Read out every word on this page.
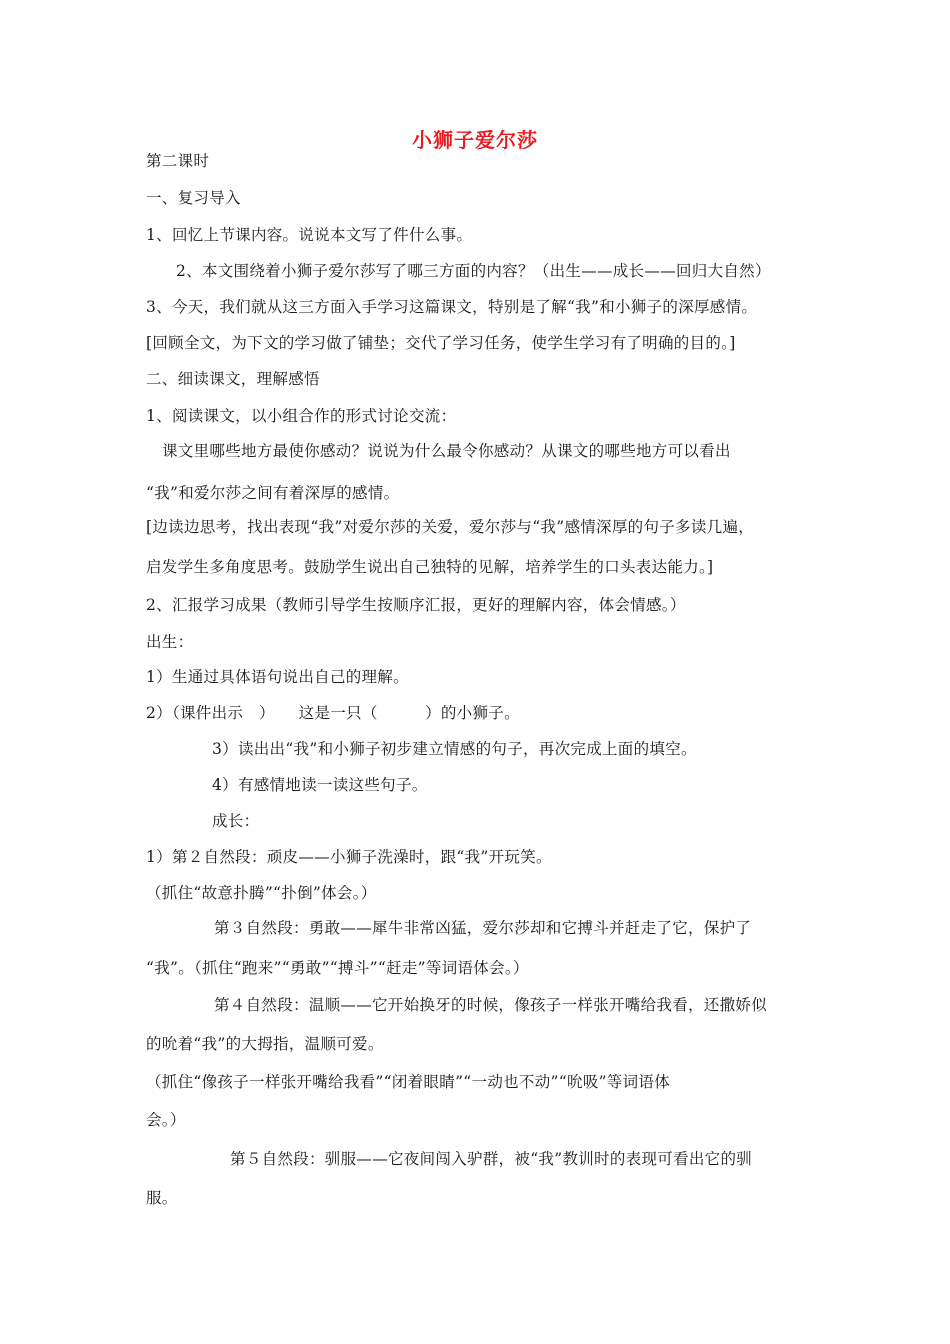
小狮子爱尔莎
第二课时
一、复习导入
1、回忆上节课内容。说说本文写了件什么事。
2、本文围绕着小狮子爱尔莎写了哪三方面的内容？（出生——成长——回归大自然）
3、今天，我们就从这三方面入手学习这篇课文，特别是了解“我”和小狮子的深厚感情。
[回顾全文，为下文的学习做了铺垫；交代了学习任务，使学生学习有了明确的目的。]
二、细读课文，理解感悟
1、阅读课文，以小组合作的形式讨论交流：
课文里哪些地方最使你感动？说说为什么最令你感动？从课文的哪些地方可以看出
“我”和爱尔莎之间有着深厚的感情。
[边读边思考，找出表现“我”对爱尔莎的关爱，爱尔莎与“我”感情深厚的句子多读几遍，
启发学生多角度思考。鼓励学生说出自己独特的见解，培养学生的口头表达能力。]
2、汇报学习成果（教师引导学生按顺序汇报，更好的理解内容，体会情感。）
出生：
1）生通过具体语句说出自己的理解。
2）（课件出示　）　　这是一只（　　　）的小狮子。
3）读出出“我”和小狮子初步建立情感的句子，再次完成上面的填空。
4）有感情地读一读这些句子。
成长：
1）第２自然段：顽皮——小狮子洗澡时，跟“我”开玩笑。
（抓住“故意扑腾”“扑倒”体会。）
第３自然段：勇敢——犀牛非常凶猛，爱尔莎却和它搏斗并赶走了它，保护了
“我”。（抓住“跑来”“勇敢”“搏斗”“赶走”等词语体会。）
第４自然段：温顺——它开始换牙的时候，像孩子一样张开嘴给我看，还撒娇似
的吮着“我”的大拇指，温顺可爱。
（抓住“像孩子一样张开嘴给我看”“闭着眼睛”“一动也不动”“吮吸”等词语体
会。）
第５自然段：驯服——它夜间闯入驴群，被“我”教训时的表现可看出它的驯
服。
